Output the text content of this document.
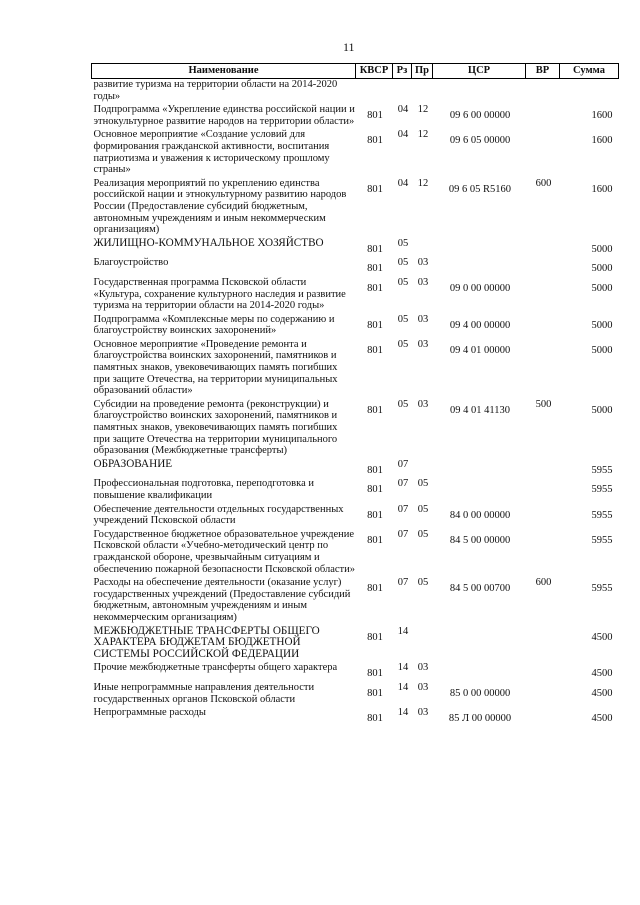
11
Наименование	КВСР	Рз	Пр	ЦСР	ВР	Сумма
развитие туризма на территории области на 2014-2020 годы»						
Подпрограмма «Укрепление единства российской нации и этнокультурное развитие народов на территории области»	801	04	12	09 6 00 00000		1600
Основное мероприятие «Создание условий для формирования гражданской активности, воспитания патриотизма и уважения к историческому прошлому страны»	801	04	12	09 6 05 00000		1600
Реализация мероприятий по укреплению единства российской нации и этнокультурному развитию народов России (Предоставление субсидий бюджетным, автономным учреждениям и иным некоммерческим организациям)	801	04	12	09 6 05 R5160	600	1600
ЖИЛИЩНО-КОММУНАЛЬНОЕ ХОЗЯЙСТВО	801	05				5000
Благоустройство	801	05	03			5000
Государственная программа Псковской области «Культура, сохранение культурного наследия и развитие туризма на территории области на 2014-2020 годы»	801	05	03	09 0 00 00000		5000
Подпрограмма «Комплексные меры по содержанию и благоустройству воинских захоронений»	801	05	03	09 4 00 00000		5000
Основное мероприятие «Проведение ремонта и благоустройства воинских захоронений, памятников и памятных знаков, увековечивающих память погибших при защите Отечества, на территории муниципальных образований области»	801	05	03	09 4 01 00000		5000
Субсидии на проведение ремонта (реконструкции) и благоустройство воинских захоронений, памятников и памятных знаков, увековечивающих память погибших при защите Отечества на территории муниципального образования (Межбюджетные трансферты)	801	05	03	09 4 01 41130	500	5000
ОБРАЗОВАНИЕ	801	07				5955
Профессиональная подготовка, переподготовка и повышение квалификации	801	07	05			5955
Обеспечение деятельности отдельных государственных учреждений Псковской области	801	07	05	84 0 00 00000		5955
Государственное бюджетное образовательное учреждение Псковской области «Учебно-методический центр по гражданской обороне, чрезвычайным ситуациям и обеспечению пожарной безопасности Псковской области»	801	07	05	84 5 00 00000		5955
Расходы на обеспечение деятельности (оказание услуг) государственных учреждений (Предоставление субсидий бюджетным, автономным учреждениям и иным некоммерческим организациям)	801	07	05	84 5 00 00700	600	5955
МЕЖБЮДЖЕТНЫЕ ТРАНСФЕРТЫ ОБЩЕГО ХАРАКТЕРА БЮДЖЕТАМ БЮДЖЕТНОЙ СИСТЕМЫ РОССИЙСКОЙ ФЕДЕРАЦИИ	801	14				4500
Прочие межбюджетные трансферты общего характера	801	14	03			4500
Иные непрограммные направления деятельности государственных органов Псковской области	801	14	03	85 0 00 00000		4500
Непрограммные расходы	801	14	03	85 Л 00 00000		4500
